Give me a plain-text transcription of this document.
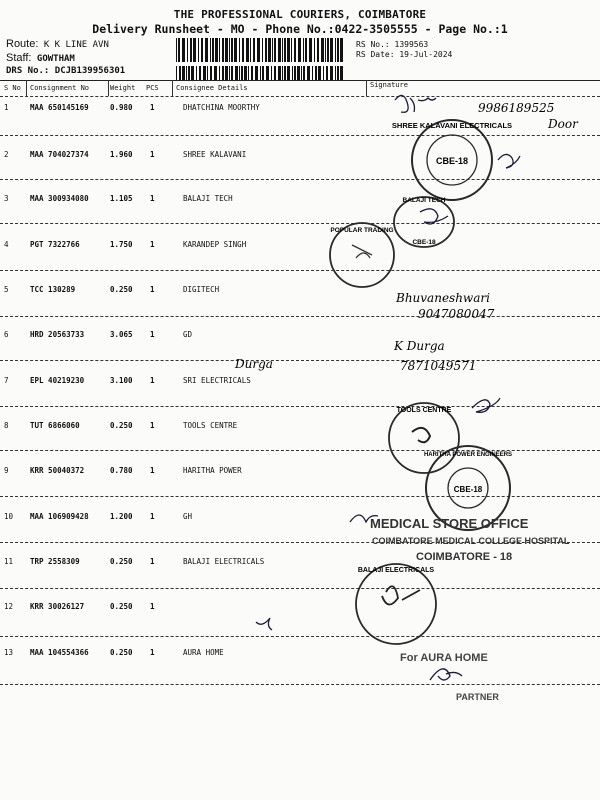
THE PROFESSIONAL COURIERS, COIMBATORE
Delivery Runsheet - MO - Phone No.:0422-3505555 - Page No.:1
Route: K K LINE AVN
Staff: GOWTHAM
DRS No.: DCJB139956301
RS No.: 1399563
RS Date: 19-Jul-2024
S No Consignment No	Weight PCS Consignee Details	Signature
1	MAA 650145169	0.980 1	DHATCHINA MOORTHY
2	MAA 704027374	1.960 1	SHREE KALAVANI
3	MAA 300934080	1.105 1	BALAJI TECH
4	PGT 7322766	1.750 1	KARANDEP SINGH
5	TCC 130289	0.250 1	DIGITECH
6	HRD 20563733	3.065 1	GD
7	EPL 40219230	3.100 1	SRI ELECTRICALS
8	TUT 6866060	0.250 1	TOOLS CENTRE
9	KRR 50040372	0.780 1	HARITHA POWER
10 MAA 106909428	1.200 1	GH
11 TRP 2558309	0.250 1	BALAJI ELECTRICALS
12 KRR 30026127	0.250 1
13 MAA 104554366	0.250 1	AURA HOME
9986189525
Door
SHREE KALAVANI ELECTRICALS
CBE-18
BALAJI TECH
CBE-18
POPULAR TRADING
Bhuvaneshwari
9047080047
K Durga
7871049571
Durga
TOOLS CENTRE
HARITHA POWER ENGINEERS
CBE-18
MEDICAL STORE OFFICE
COIMBATORE MEDICAL COLLEGE HOSPITAL
COIMBATORE - 18
BALAJI ELECTRICALS
For AURA HOME
PARTNER
